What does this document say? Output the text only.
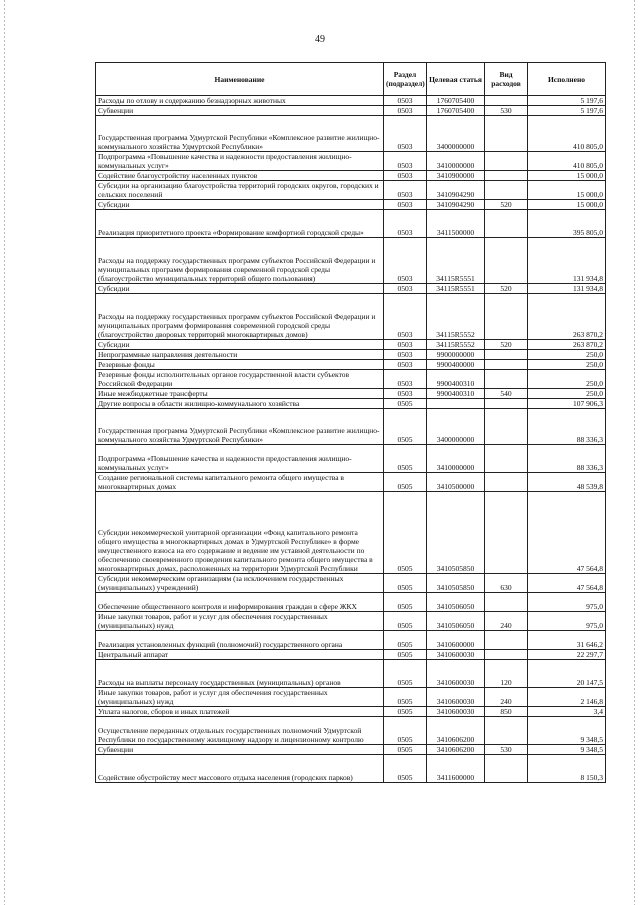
49
Наименование	Раздел (подраздел)	Целевая статья	Вид расходов	Исполнено
Расходы по отлову и содержанию безнадзорных животных	0503	1760705400		5 197,6
Субвенции	0503	1760705400	530	5 197,6
Государственная программа Удмуртской Республики «Комплексное развитие жилищно-коммунального хозяйства Удмуртской Республики»	0503	3400000000		410 805,0
Подпрограмма «Повышение качества и надежности предоставления жилищно-коммунальных услуг»	0503	3410000000		410 805,0
Содействие благоустройству населенных пунктов	0503	3410900000		15 000,0
Субсидии на организацию благоустройства территорий городских округов, городских и сельских поселений	0503	3410904290		15 000,0
Субсидии	0503	3410904290	520	15 000,0
Реализация приоритетного проекта «Формирование комфортной городской среды»	0503	3411500000		395 805,0
Расходы на поддержку государственных программ субъектов Российской Федерации и муниципальных программ формирования современной городской среды (благоустройство муниципальных территорий общего пользования)	0503	34115R5551		131 934,8
Субсидии	0503	34115R5551	520	131 934,8
Расходы на поддержку государственных программ субъектов Российской Федерации и муниципальных программ формирования современной городской среды (благоустройство дворовых территорий многоквартирных домов)	0503	34115R5552		263 870,2
Субсидии	0503	34115R5552	520	263 870,2
Непрограммные направления деятельности	0503	9900000000		250,0
Резервные фонды	0503	9900400000		250,0
Резервные фонды исполнительных органов государственной власти субъектов Российской Федерации	0503	9900400310		250,0
Иные межбюджетные трансферты	0503	9900400310	540	250,0
Другие вопросы в области жилищно-коммунального хозяйства	0505			107 906,3
Государственная программа Удмуртской Республики «Комплексное развитие жилищно-коммунального хозяйства Удмуртской Республики»	0505	3400000000		88 336,3
Подпрограмма «Повышение качества и надежности предоставления жилищно-коммунальных услуг»	0505	3410000000		88 336,3
Создание региональной системы капитального ремонта общего имущества в многоквартирных домах	0505	3410500000		48 539,8
Субсидии некоммерческой унитарной организации «Фонд капитального ремонта общего имущества в многоквартирных домах в Удмуртской Республике» в форме имущественного взноса на его содержание и ведение им уставной деятельности по обеспечению своевременного проведения капитального ремонта общего имущества в многоквартирных домах, расположенных на территории Удмуртской Республики	0505	3410505850		47 564,8
Субсидии некоммерческим организациям (за исключением государственных (муниципальных) учреждений)	0505	3410505850	630	47 564,8
Обеспечение общественного контроля и информирования граждан в сфере ЖКХ	0505	3410506050		975,0
Иные закупки товаров, работ и услуг для обеспечения государственных (муниципальных) нужд	0505	3410506050	240	975,0
Реализация установленных функций (полномочий) государственного органа	0505	3410600000		31 646,2
Центральный аппарат	0505	3410600030		22 297,7
Расходы на выплаты персоналу государственных (муниципальных) органов	0505	3410600030	120	20 147,5
Иные закупки товаров, работ и услуг для обеспечения государственных (муниципальных) нужд	0505	3410600030	240	2 146,8
Уплата налогов, сборов и иных платежей	0505	3410600030	850	3,4
Осуществление переданных отдельных государственных полномочий Удмуртской Республики по государственному жилищному надзору и лицензионному контролю	0505	3410606200		9 348,5
Субвенции	0505	3410606200	530	9 348,5
Содействие обустройству мест массового отдыха населения (городских парков)	0505	3411600000		8 150,3
